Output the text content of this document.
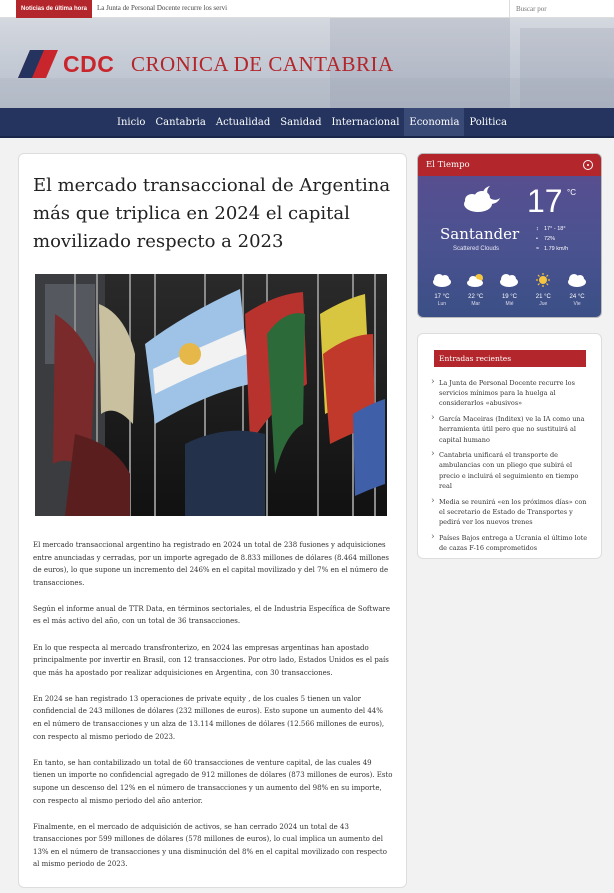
Noticias de última hora	La Junta de Personal Docente recurre los servi
Buscar por
CDC CRONICA DE CANTABRIA
Inicio	Cantabria	Actualidad	Sanidad	Internacional	Economia	Politica
El mercado transaccional de Argentina más que triplica en 2024 el capital movilizado respecto a 2023

El mercado transaccional argentino ha registrado en 2024 un total de 238 fusiones y adquisiciones entre anunciadas y cerradas, por un importe agregado de 8.833 millones de dólares (8.464 millones de euros), lo que supone un incremento del 246% en el capital movilizado y del 7% en el número de transacciones.

Según el informe anual de TTR Data, en términos sectoriales, el de Industria Específica de Software es el más activo del año, con un total de 36 transacciones.

En lo que respecta al mercado transfronterizo, en 2024 las empresas argentinas han apostado principalmente por invertir en Brasil, con 12 transacciones. Por otro lado, Estados Unidos es el país que más ha apostado por realizar adquisiciones en Argentina, con 30 transacciones.

En 2024 se han registrado 13 operaciones de private equity , de los cuales 5 tienen un valor confidencial de 243 millones de dólares (232 millones de euros). Esto supone un aumento del 44% en el número de transacciones y un alza de 13.114 millones de dólares (12.566 millones de euros), con respecto al mismo periodo de 2023.

En tanto, se han contabilizado un total de 60 transacciones de venture capital, de las cuales 49 tienen un importe no confidencial agregado de 912 millones de dólares (873 millones de euros). Esto supone un descenso del 12% en el número de transacciones y un aumento del 98% en su importe, con respecto al mismo periodo del año anterior.

Finalmente, en el mercado de adquisición de activos, se han cerrado 2024 un total de 43 transacciones por 599 millones de dólares (578 millones de euros), lo cual implica un aumento del 13% en el número de transacciones y una disminución del 8% en el capital movilizado con respecto al mismo periodo de 2023.

El Tiempo
17 °C
Santander
Scattered Clouds
↕ 17° - 18°
• 72%
≈ 1.79 km/h
17 °C
Lun
22 °C
Mar
19 °C
Mié
21 °C
Jue
24 °C
Vie
Entradas recientes
› La Junta de Personal Docente recurre los servicios mínimos para la huelga al considerarlos «abusivos»
› García Maceiras (Inditex) ve la IA como una herramienta útil pero que no sustituirá al capital humano
› Cantabria unificará el transporte de ambulancias con un pliego que subirá el precio e incluirá el seguimiento en tiempo real
› Media se reunirá «en los próximos días» con el secretario de Estado de Transportes y pedirá ver los nuevos trenes
› Países Bajos entrega a Ucrania el último lote de cazas F-16 comprometidos
